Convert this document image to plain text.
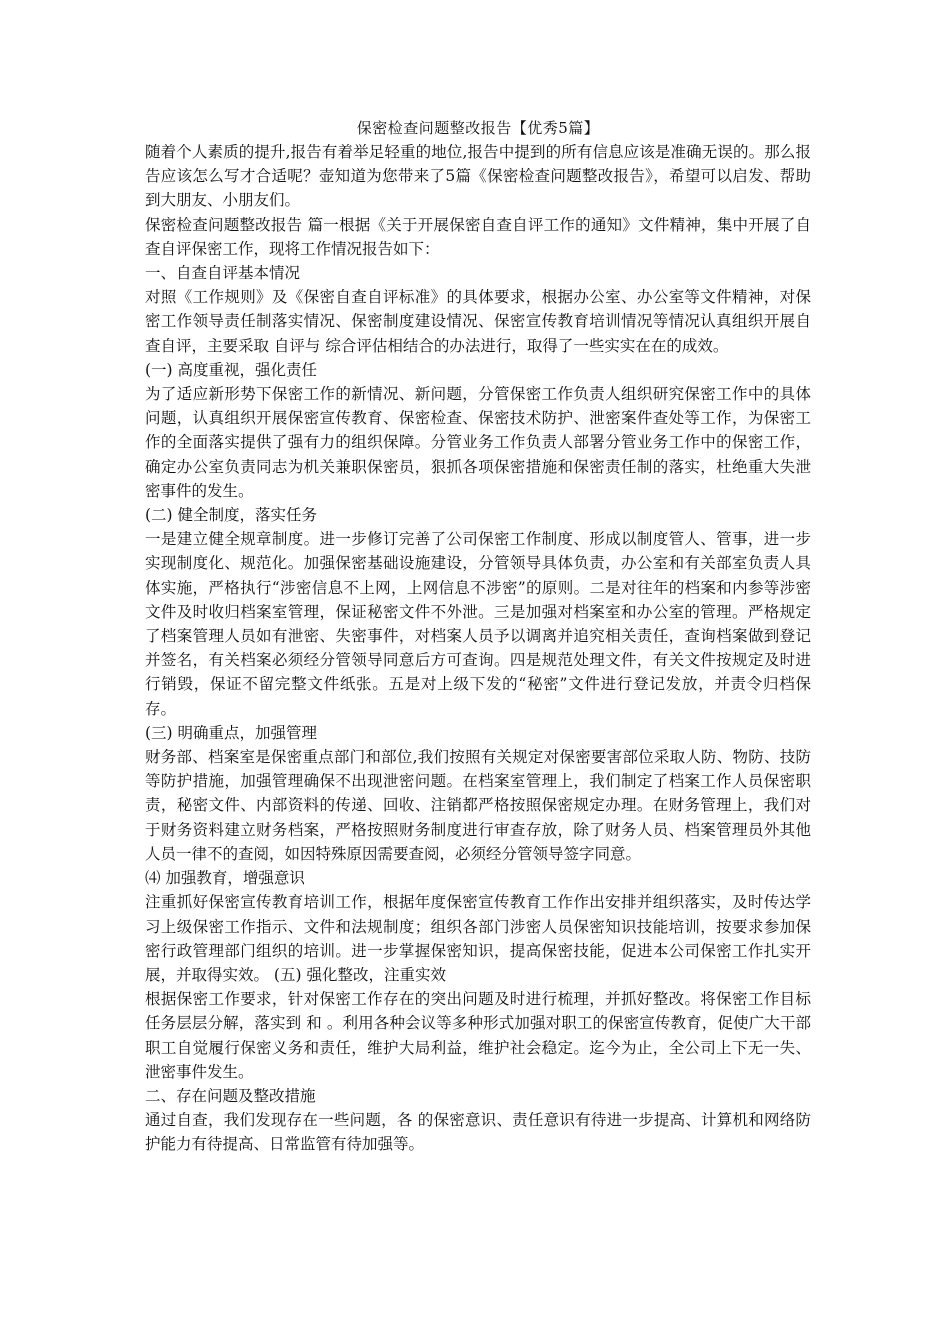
保密检查问题整改报告【优秀5篇】

随着个人素质的提升,报告有着举足轻重的地位,报告中提到的所有信息应该是准确无误的。那么报告应该怎么写才合适呢？壶知道为您带来了5篇《保密检查问题整改报告》，希望可以启发、帮助到大朋友、小朋友们。

保密检查问题整改报告 篇一根据《关于开展保密自查自评工作的通知》文件精神，集中开展了自查自评保密工作，现将工作情况报告如下：

一、自查自评基本情况

对照《工作规则》及《保密自查自评标准》的具体要求，根据办公室、办公室等文件精神，对保密工作领导责任制落实情况、保密制度建设情况、保密宣传教育培训情况等情况认真组织开展自查自评，主要采取 自评与 综合评估相结合的办法进行，取得了一些实实在在的成效。

(一) 高度重视，强化责任

为了适应新形势下保密工作的新情况、新问题，分管保密工作负责人组织研究保密工作中的具体问题，认真组织开展保密宣传教育、保密检查、保密技术防护、泄密案件查处等工作，为保密工作的全面落实提供了强有力的组织保障。分管业务工作负责人部署分管业务工作中的保密工作，确定办公室负责同志为机关兼职保密员，狠抓各项保密措施和保密责任制的落实，杜绝重大失泄密事件的发生。

(二) 健全制度，落实任务

一是建立健全规章制度。进一步修订完善了公司保密工作制度、形成以制度管人、管事，进一步实现制度化、规范化。加强保密基础设施建设，分管领导具体负责，办公室和有关部室负责人具体实施，严格执行“涉密信息不上网，上网信息不涉密”的原则。二是对往年的档案和内参等涉密文件及时收归档案室管理，保证秘密文件不外泄。三是加强对档案室和办公室的管理。严格规定了档案管理人员如有泄密、失密事件，对档案人员予以调离并追究相关责任，查询档案做到登记并签名，有关档案必须经分管领导同意后方可查询。四是规范处理文件，有关文件按规定及时进行销毁，保证不留完整文件纸张。五是对上级下发的“秘密”文件进行登记发放，并责令归档保存。

(三) 明确重点，加强管理

财务部、档案室是保密重点部门和部位,我们按照有关规定对保密要害部位采取人防、物防、技防等防护措施，加强管理确保不出现泄密问题。在档案室管理上，我们制定了档案工作人员保密职责，秘密文件、内部资料的传递、回收、注销都严格按照保密规定办理。在财务管理上，我们对于财务资料建立财务档案，严格按照财务制度进行审查存放，除了财务人员、档案管理员外其他人员一律不的查阅，如因特殊原因需要查阅，必须经分管领导签字同意。

⑷ 加强教育，增强意识

注重抓好保密宣传教育培训工作，根据年度保密宣传教育工作作出安排并组织落实，及时传达学习上级保密工作指示、文件和法规制度；组织各部门涉密人员保密知识技能培训，按要求参加保密行政管理部门组织的培训。进一步掌握保密知识，提高保密技能，促进本公司保密工作扎实开展，并取得实效。 (五) 强化整改，注重实效

根据保密工作要求，针对保密工作存在的突出问题及时进行梳理，并抓好整改。将保密工作目标任务层层分解，落实到 和 。利用各种会议等多种形式加强对职工的保密宣传教育，促使广大干部职工自觉履行保密义务和责任，维护大局利益，维护社会稳定。迄今为止，全公司上下无一失、泄密事件发生。

二、存在问题及整改措施

通过自查，我们发现存在一些问题，各 的保密意识、责任意识有待进一步提高、计算机和网络防护能力有待提高、日常监管有待加强等。
